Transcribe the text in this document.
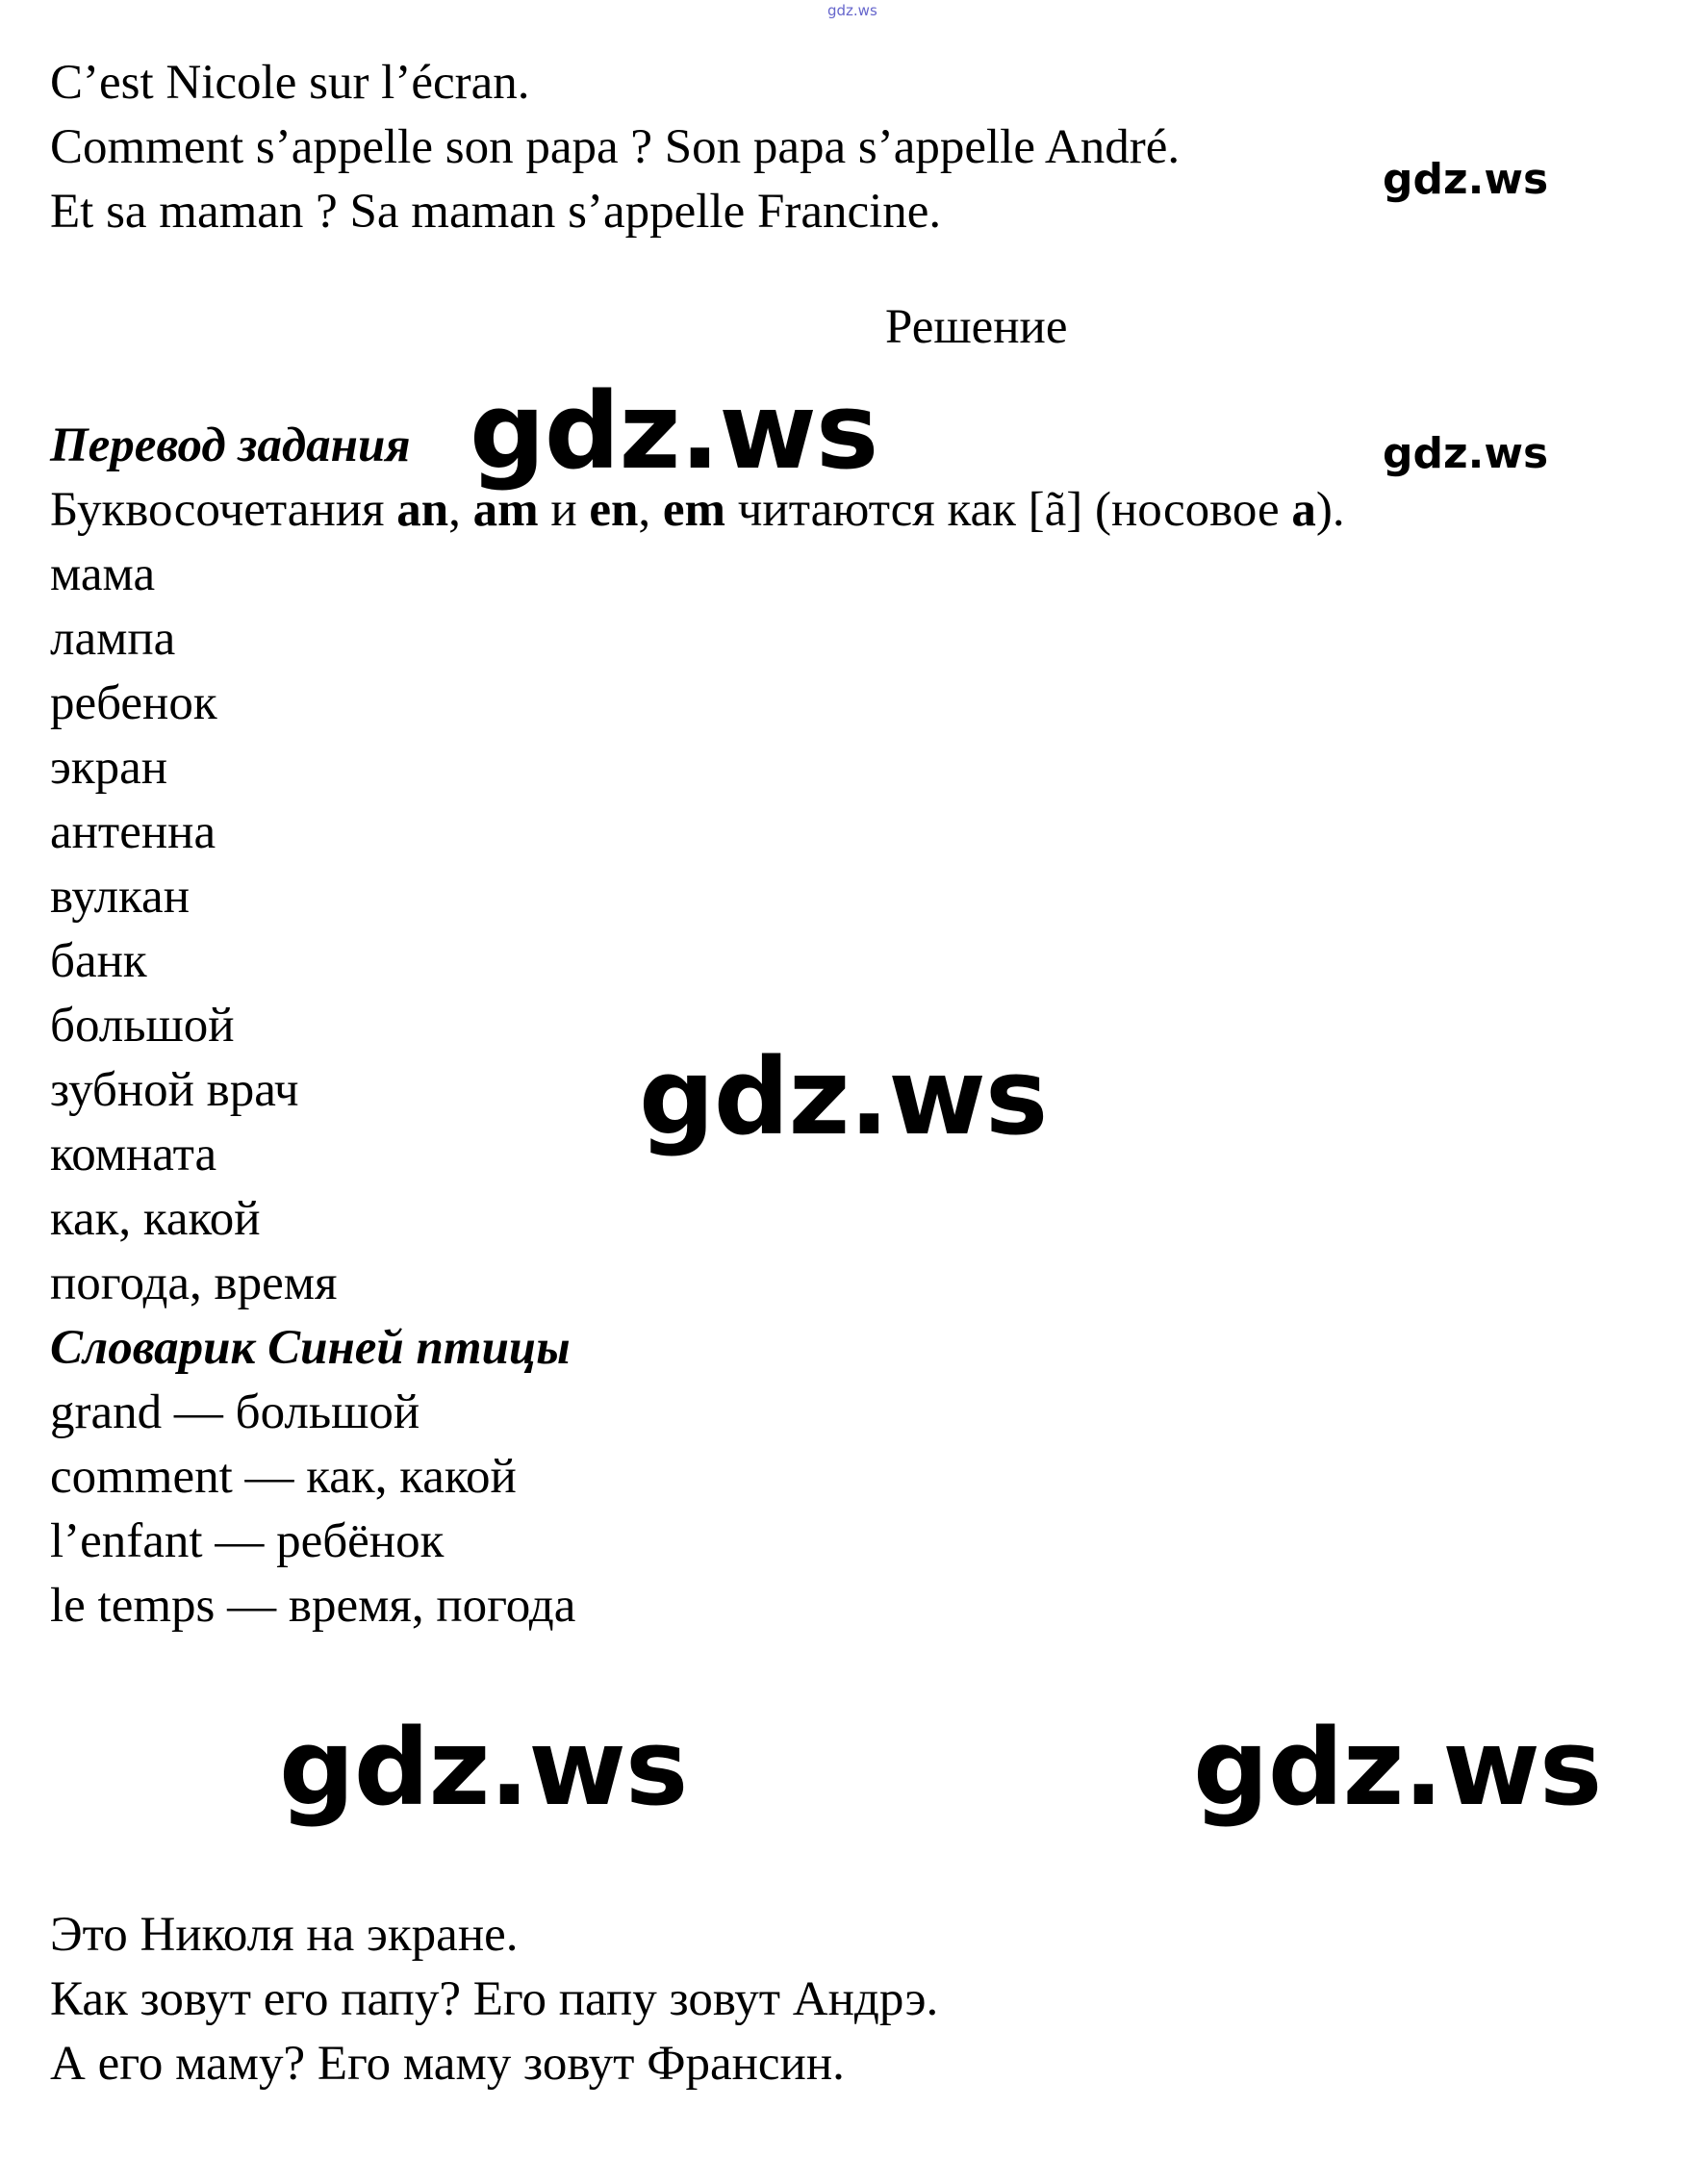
gdz.ws
gdz.ws
gdz.ws
gdz.ws
gdz.ws
gdz.ws	gdz.ws
C’est Nicole sur l’écran.
Comment s’appelle son papa ? Son papa s’appelle André.
Et sa maman ? Sa maman s’appelle Francine.
Решение
Перевод задания
Буквосочетания an, am и en, em читаются как [ã] (носовое a).
мама
лампа
ребенок
экран
антенна
вулкан
банк
большой
зубной врач
комната
как, какой
погода, время
Словарик Синей птицы
grand — большой
comment — как, какой
l’enfant — ребёнок
le temps — время, погода
Это Николя на экране.
Как зовут его папу? Его папу зовут Андрэ.
А его маму? Его маму зовут Франсин.
